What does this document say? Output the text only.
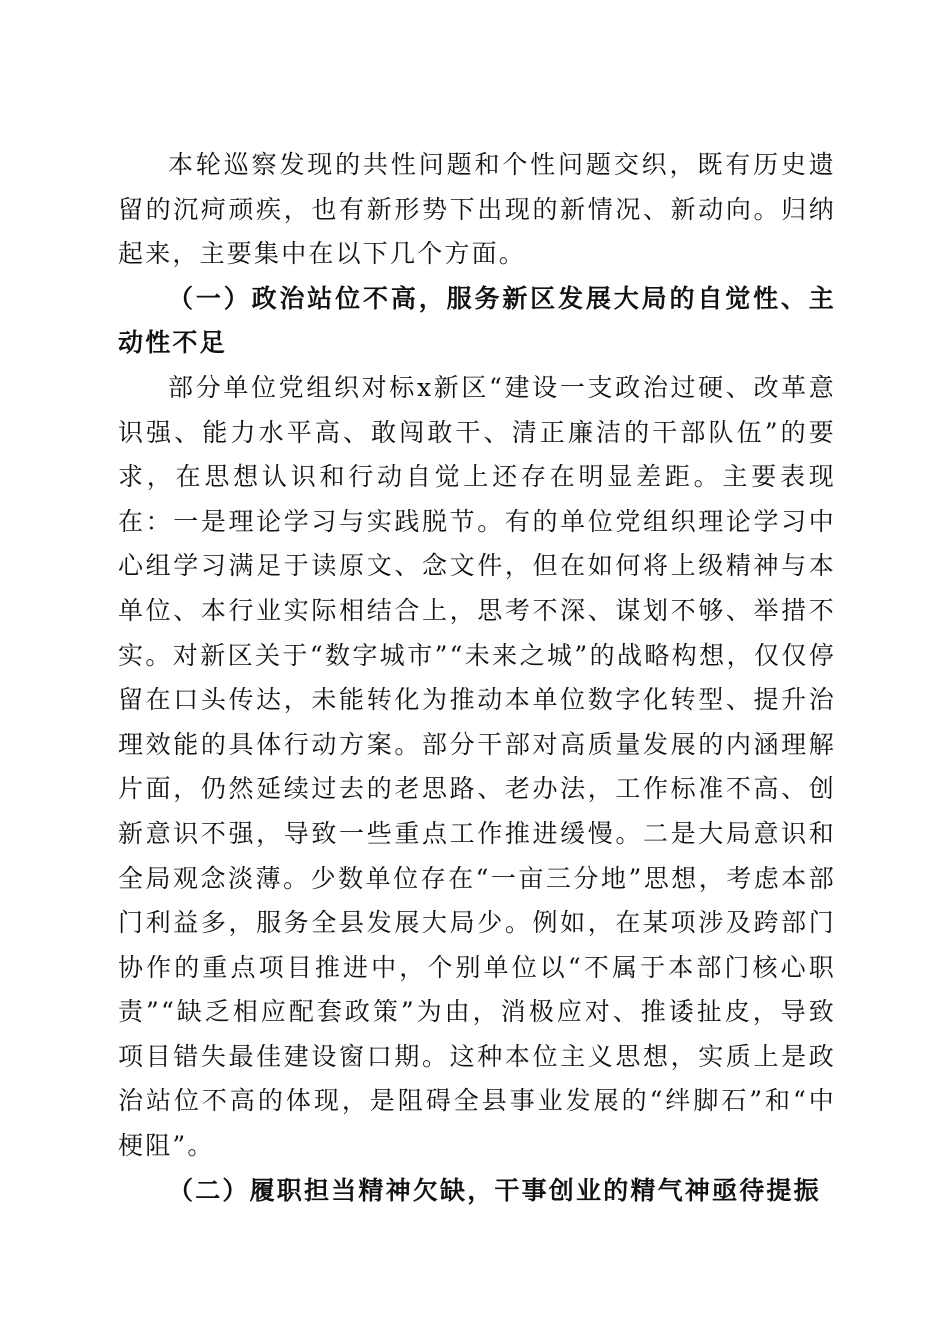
本轮巡察发现的共性问题和个性问题交织，既有历史遗留的沉疴顽疾，也有新形势下出现的新情况、新动向。归纳起来，主要集中在以下几个方面。

（一）政治站位不高，服务新区发展大局的自觉性、主动性不足

部分单位党组织对标x新区“建设一支政治过硬、改革意识强、能力水平高、敢闯敢干、清正廉洁的干部队伍”的要求，在思想认识和行动自觉上还存在明显差距。主要表现在：一是理论学习与实践脱节。有的单位党组织理论学习中心组学习满足于读原文、念文件，但在如何将上级精神与本单位、本行业实际相结合上，思考不深、谋划不够、举措不实。对新区关于“数字城市”“未来之城”的战略构想，仅仅停留在口头传达，未能转化为推动本单位数字化转型、提升治理效能的具体行动方案。部分干部对高质量发展的内涵理解片面，仍然延续过去的老思路、老办法，工作标准不高、创新意识不强，导致一些重点工作推进缓慢。二是大局意识和全局观念淡薄。少数单位存在“一亩三分地”思想，考虑本部门利益多，服务全县发展大局少。例如，在某项涉及跨部门协作的重点项目推进中，个别单位以“不属于本部门核心职责”“缺乏相应配套政策”为由，消极应对、推诿扯皮，导致项目错失最佳建设窗口期。这种本位主义思想，实质上是政治站位不高的体现，是阻碍全县事业发展的“绊脚石”和“中梗阻”。

（二）履职担当精神欠缺，干事创业的精气神亟待提振
